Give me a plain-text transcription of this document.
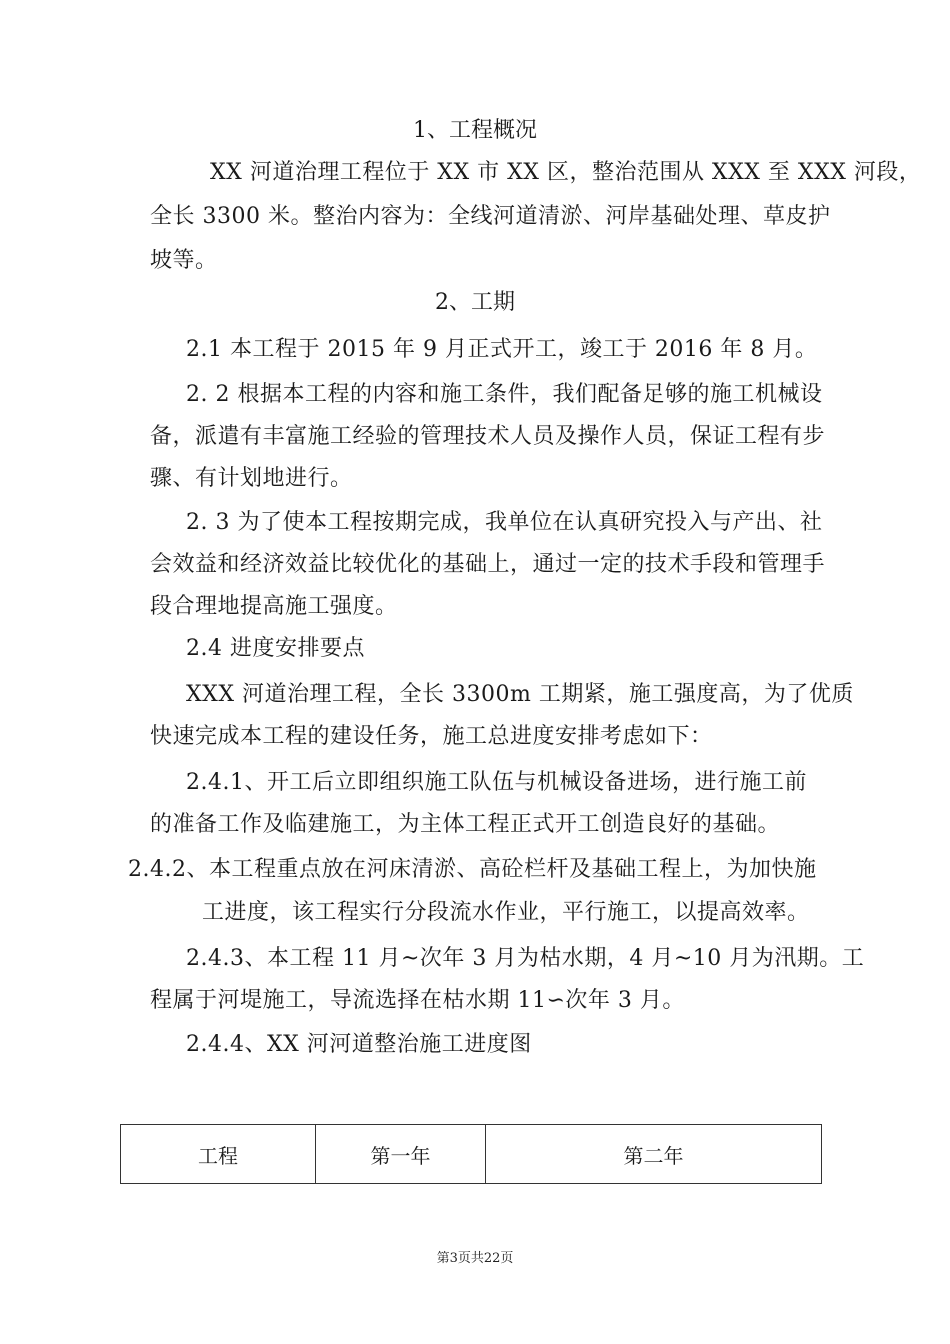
1、工程概况
XX 河道治理工程位于 XX 市 XX 区，整治范围从 XXX 至 XXX 河段，
全长 3300 米。整治内容为：全线河道清淤、河岸基础处理、草皮护
坡等。
2、工期
2.1 本工程于 2015 年 9 月正式开工，竣工于 2016 年 8 月。
2. 2 根据本工程的内容和施工条件，我们配备足够的施工机械设
备，派遣有丰富施工经验的管理技术人员及操作人员，保证工程有步
骤、有计划地进行。
2. 3 为了使本工程按期完成，我单位在认真研究投入与产出、社
会效益和经济效益比较优化的基础上，通过一定的技术手段和管理手
段合理地提高施工强度。
2.4 进度安排要点
XXX 河道治理工程，全长 3300m 工期紧，施工强度高，为了优质
快速完成本工程的建设任务，施工总进度安排考虑如下：
2.4.1、开工后立即组织施工队伍与机械设备进场，进行施工前
的准备工作及临建施工，为主体工程正式开工创造良好的基础。
2.4.2、本工程重点放在河床清淤、高砼栏杆及基础工程上，为加快施
工进度，该工程实行分段流水作业，平行施工，以提高效率。
2.4.3、本工程 11 月~次年 3 月为枯水期，4 月~10 月为汛期。工
程属于河堤施工，导流选择在枯水期 11∽次年 3 月。
2.4.4、XX 河河道整治施工进度图
工程	第一年	第二年
第3页共22页
